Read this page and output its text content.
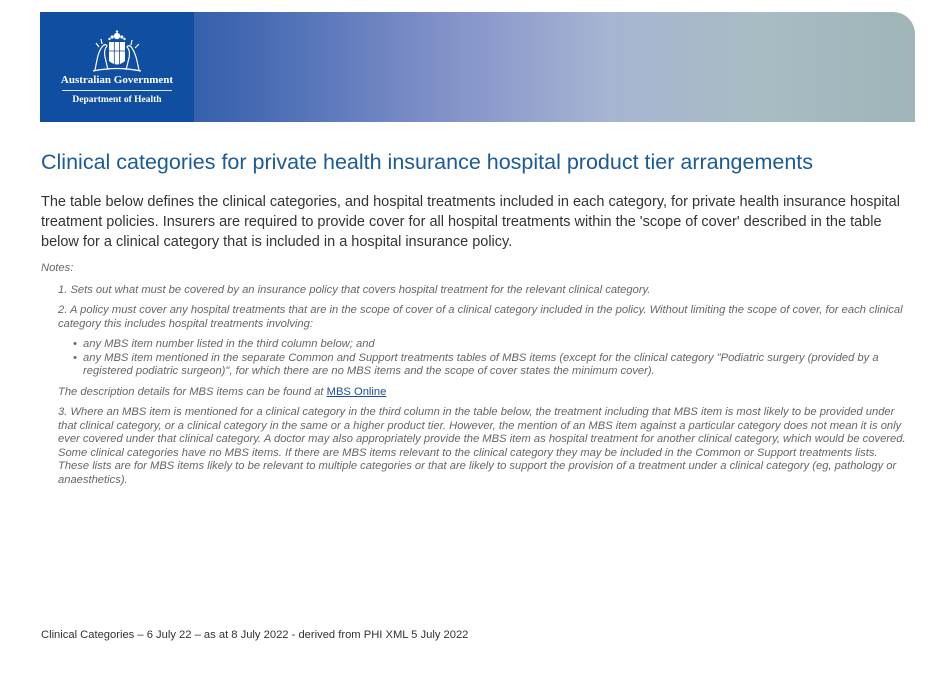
Australian Government
Department of Health
Clinical categories for private health insurance hospital product tier arrangements

The table below defines the clinical categories, and hospital treatments included in each category, for private health insurance hospital treatment policies. Insurers are required to provide cover for all hospital treatments within the 'scope of cover' described in the table below for a clinical category that is included in a hospital insurance policy.

Notes:

1. Sets out what must be covered by an insurance policy that covers hospital treatment for the relevant clinical category.

2. A policy must cover any hospital treatments that are in the scope of cover of a clinical category included in the policy. Without limiting the scope of cover, for each clinical category this includes hospital treatments involving:

• any MBS item number listed in the third column below; and
• any MBS item mentioned in the separate Common and Support treatments tables of MBS items (except for the clinical category "Podiatric surgery (provided by a registered podiatric surgeon)", for which there are no MBS items and the scope of cover states the minimum cover).

The description details for MBS items can be found at MBS Online

3. Where an MBS item is mentioned for a clinical category in the third column in the table below, the treatment including that MBS item is most likely to be provided under that clinical category, or a clinical category in the same or a higher product tier. However, the mention of an MBS item against a particular category does not mean it is only ever covered under that clinical category. A doctor may also appropriately provide the MBS item as hospital treatment for another clinical category, which would be covered. Some clinical categories have no MBS items. If there are MBS items relevant to the clinical category they may be included in the Common or Support treatments lists. These lists are for MBS items likely to be relevant to multiple categories or that are likely to support the provision of a treatment under a clinical category (eg, pathology or anaesthetics).

Clinical Categories – 6 July 22 – as at 8 July 2022 - derived from PHI XML 5 July 2022
